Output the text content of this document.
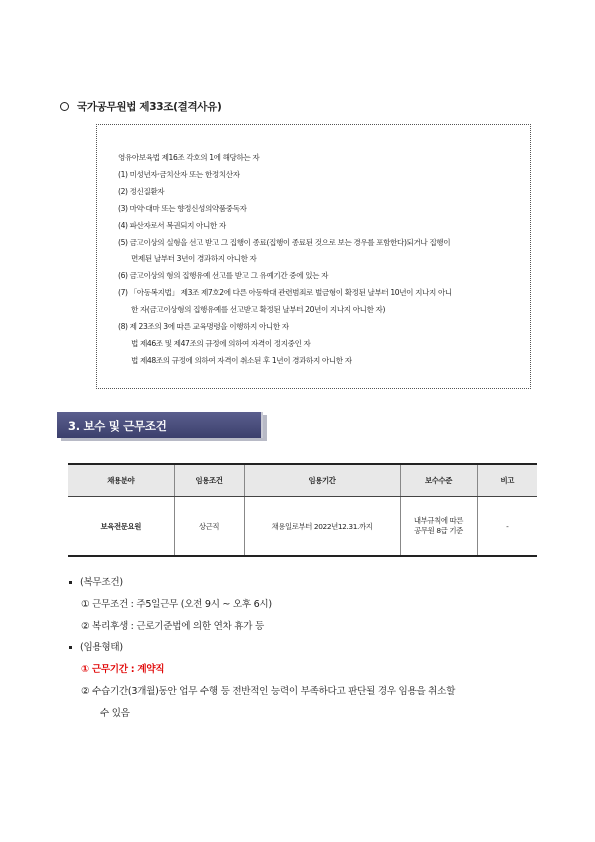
국가공무원법 제33조(결격사유)
영유아보육법 제16조 각호의 1에 해당하는 자
(1) 미성년자·금치산자 또는 한정치산자
(2) 정신질환자
(3) 마약·대마 또는 향정신성의약품중독자
(4) 파산자로서 복권되지 아니한 자
(5) 금고이상의 실형을 선고 받고 그 집행이 종료(집행이 종료된 것으로 보는 경우를 포함한다)되거나 집행이
면제된 날부터 3년이 경과하지 아니한 자
(6) 금고이상의 형의 집행유예 선고를 받고 그 유예기간 중에 있는 자
(7) 「아동복지법」 제3조 제7호2에 다른 아동학대 관련범죄로 벌금형이 확정된 날부터 10년이 지나지 아니
한 자(금고이상형의 집행유예를 선고받고 확정된 날부터 20년이 지나지 아니한 자)
(8) 제 23조의 3에 따른 교육명령을 이행하지 아니한 자
법 제46조 및 제47조의 규정에 의하여 자격이 정지중인 자
법 제48조의 규정에 의하여 자격이 취소된 후 1년이 경과하지 아니한 자
3. 보수 및 근무조건
채용분야	임용조건	임용기간	보수수준	비고
보육전문요원	상근직	채용일로부터 2022년12.31.까지	내부규칙에 따른
공무원 8급 기준	-
(복무조건)
① 근무조건 : 주5일근무 (오전 9시 ~ 오후 6시)
② 복리후생 : 근로기준법에 의한 연차 휴가 등
(임용형태)
① 근무기간 : 계약직
② 수습기간(3개월)동안 업무 수행 등 전반적인 능력이 부족하다고 판단될 경우 임용을 취소할
수 있음
